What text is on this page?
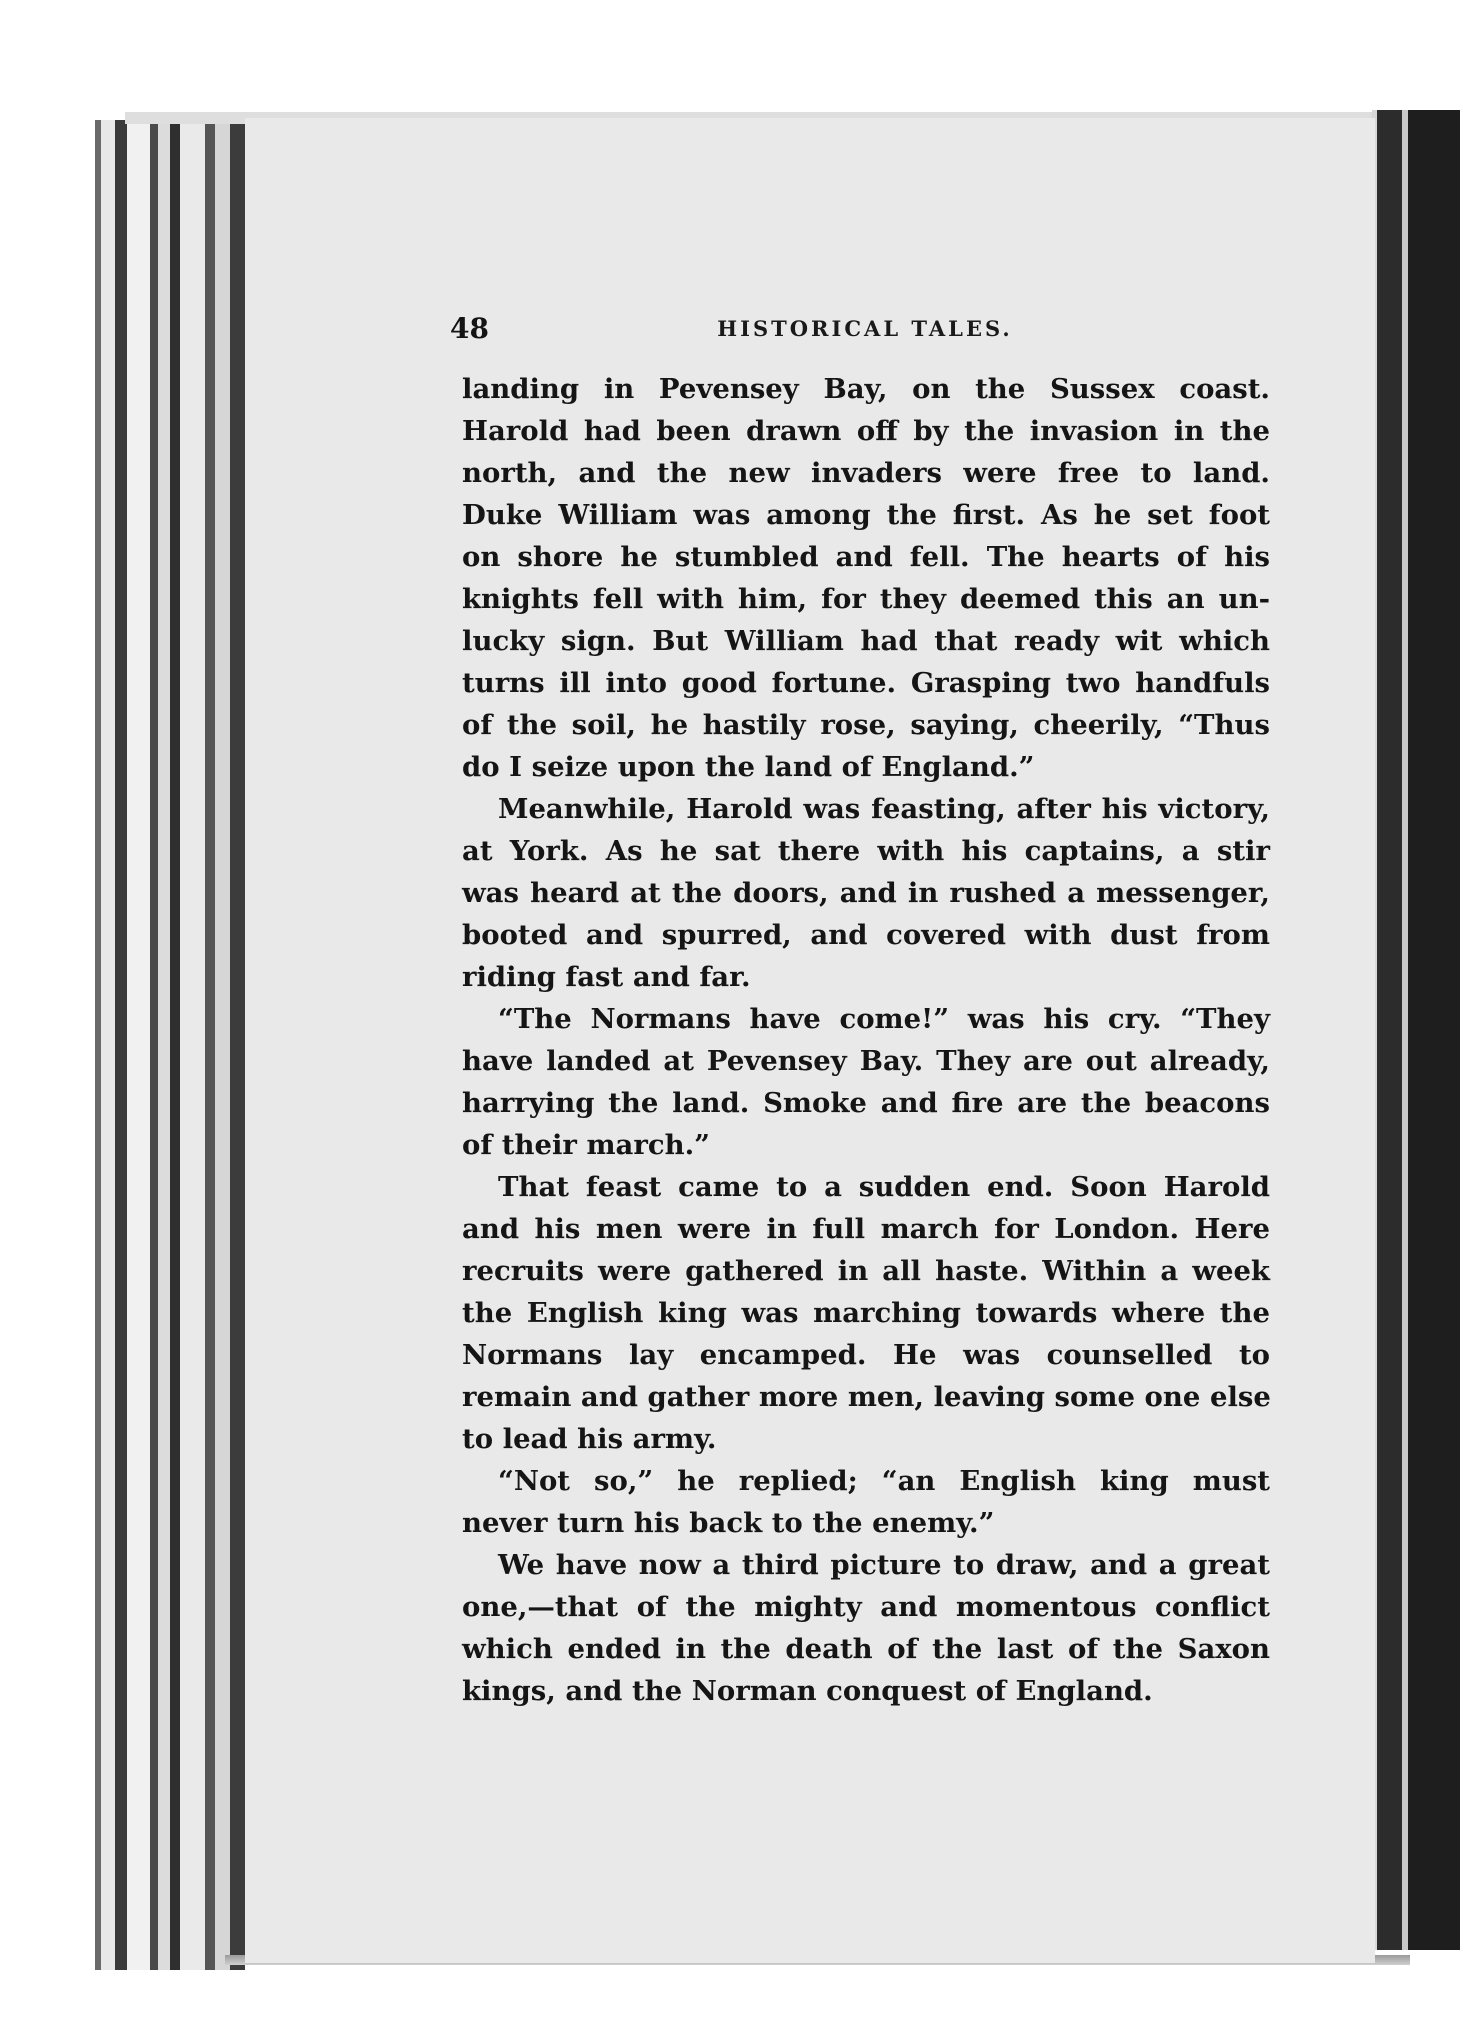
48	HISTORICAL TALES.
landing in Pevensey Bay, on the Sussex coast.
Harold had been drawn off by the invasion in the
north, and the new invaders were free to land.
Duke William was among the first. As he set foot
on shore he stumbled and fell. The hearts of his
knights fell with him, for they deemed this an un-
lucky sign. But William had that ready wit which
turns ill into good fortune. Grasping two handfuls
of the soil, he hastily rose, saying, cheerily, “Thus
do I seize upon the land of England.”
Meanwhile, Harold was feasting, after his victory,
at York. As he sat there with his captains, a stir
was heard at the doors, and in rushed a messenger,
booted and spurred, and covered with dust from
riding fast and far.
“The Normans have come!” was his cry. “They
have landed at Pevensey Bay. They are out already,
harrying the land. Smoke and fire are the beacons
of their march.”
That feast came to a sudden end. Soon Harold
and his men were in full march for London. Here
recruits were gathered in all haste. Within a week
the English king was marching towards where the
Normans lay encamped. He was counselled to
remain and gather more men, leaving some one else
to lead his army.
“Not so,” he replied; “an English king must
never turn his back to the enemy.”
We have now a third picture to draw, and a great
one,—that of the mighty and momentous conflict
which ended in the death of the last of the Saxon
kings, and the Norman conquest of England.
